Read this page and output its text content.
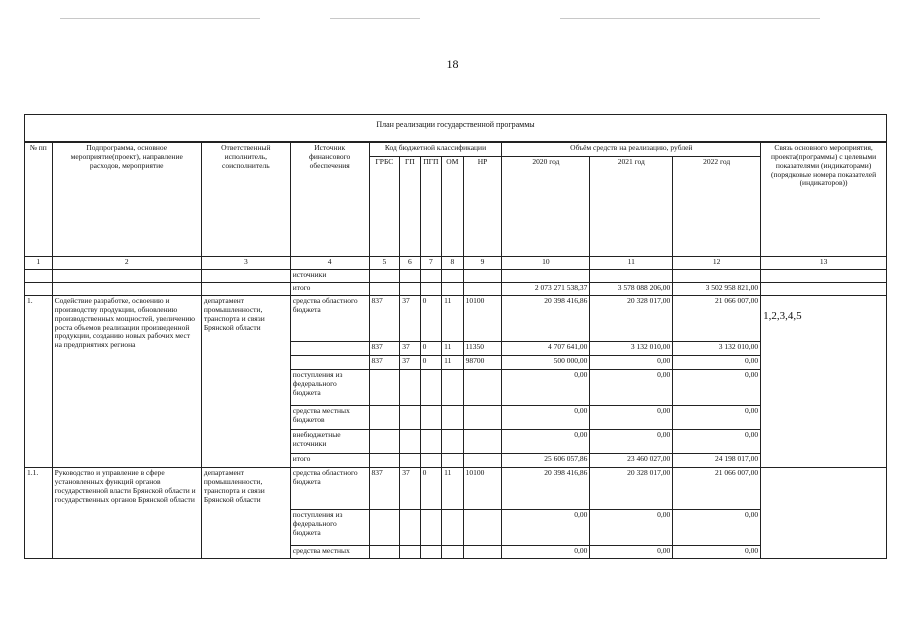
18
План реализации государственной программы
№ пп	Подпрограмма, основное мероприятие(проект), направление расходов, мероприятие	Ответственный исполнитель, соисполнитель	Источник финансового обеспечения	Код бюджетной классификации					Объём средств на реализацию, рублей			Связь основного мероприятия, проекта(программы) с целевыми показателями (индикаторами) (порядковые номера показателей (индикаторов))
				ГРБС	ГП	ПГП	ОМ	НР	2020 год	2021 год	2022 год	
1	2	3	4	5	6	7	8	9	10	11	12	13
			источники									
			итого						2 073 271 538,37	3 578 088 206,00	3 502 958 821,00	
1.	Содействие разработке, освоению и производству продукции, обновлению производственных мощностей, увеличению роста объемов реализации произведенной продукции, созданию новых рабочих мест на предприятиях региона	департамент промышленности, транспорта и связи Брянской области	средства областного бюджета	837	37	0	11	10100	20 398 416,86	20 328 017,00	21 066 007,00	1,2,3,4,5
				837	37	0	11	11350	4 707 641,00	3 132 010,00	3 132 010,00	
				837	37	0	11	98700	500 000,00	0,00	0,00	
			поступления из федерального бюджета						0,00	0,00	0,00	
			средства местных бюджетов						0,00	0,00	0,00	
			внебюджетные источники						0,00	0,00	0,00	
			итого						25 606 057,86	23 460 027,00	24 198 017,00	
1.1.	Руководство и управление в сфере установленных функций органов государственной власти Брянской области и государственных органов Брянской области	департамент промышленности, транспорта и связи Брянской области	средства областного бюджета	837	37	0	11	10100	20 398 416,86	20 328 017,00	21 066 007,00	
			поступления из федерального бюджета						0,00	0,00	0,00	
			средства местных						0,00	0,00	0,00	
